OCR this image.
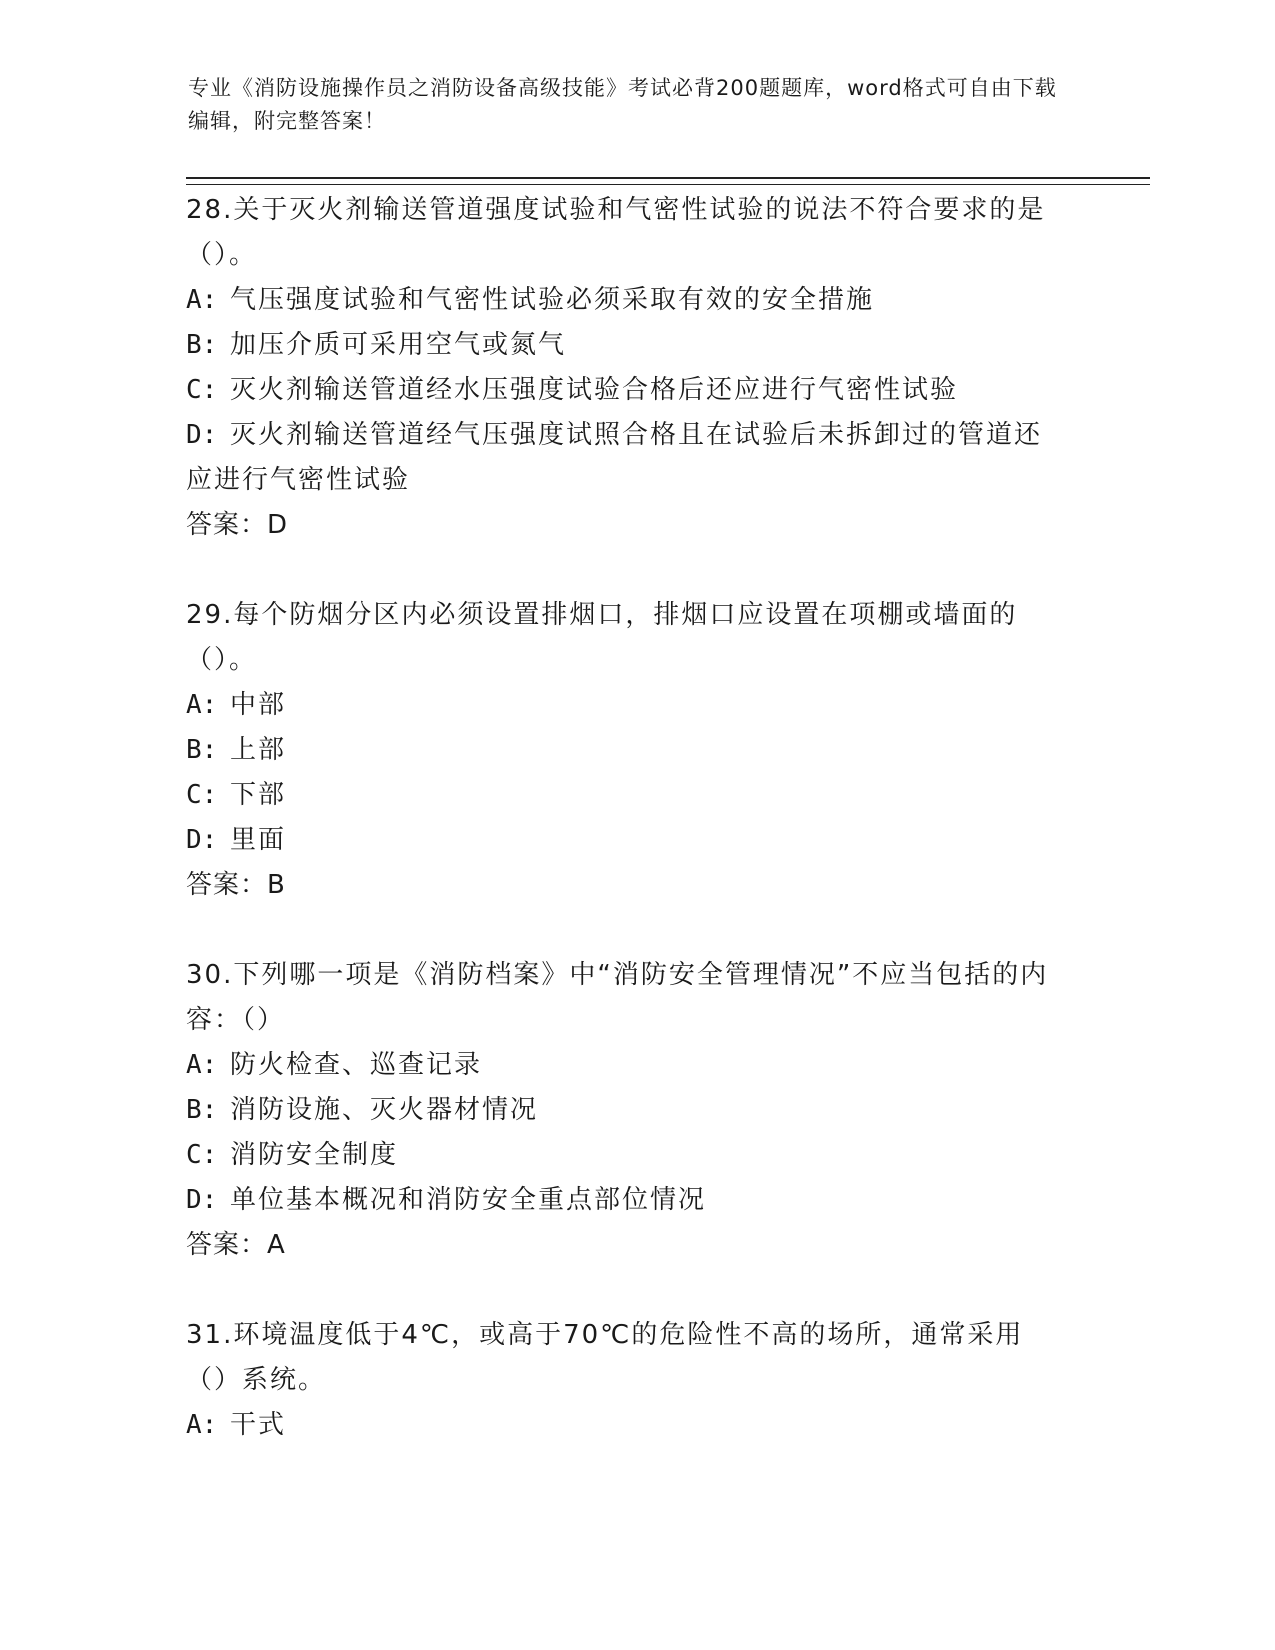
专业《消防设施操作员之消防设备高级技能》考试必背200题题库，word格式可自由下载编辑，附完整答案！
28.关于灭火剂输送管道强度试验和气密性试验的说法不符合要求的是（）。
A: 气压强度试验和气密性试验必须采取有效的安全措施
B: 加压介质可采用空气或氮气
C: 灭火剂输送管道经水压强度试验合格后还应进行气密性试验
D: 灭火剂输送管道经气压强度试照合格且在试验后未拆卸过的管道还应进行气密性试验
答案：D
29.每个防烟分区内必须设置排烟口，排烟口应设置在项棚或墙面的（）。
A: 中部
B: 上部
C: 下部
D: 里面
答案：B
30.下列哪一项是《消防档案》中“消防安全管理情况”不应当包括的内容：（）
A: 防火检查、巡查记录
B: 消防设施、灭火器材情况
C: 消防安全制度
D: 单位基本概况和消防安全重点部位情况
答案：A
31.环境温度低于4℃，或高于70℃的危险性不高的场所，通常采用（）系统。
A: 干式
